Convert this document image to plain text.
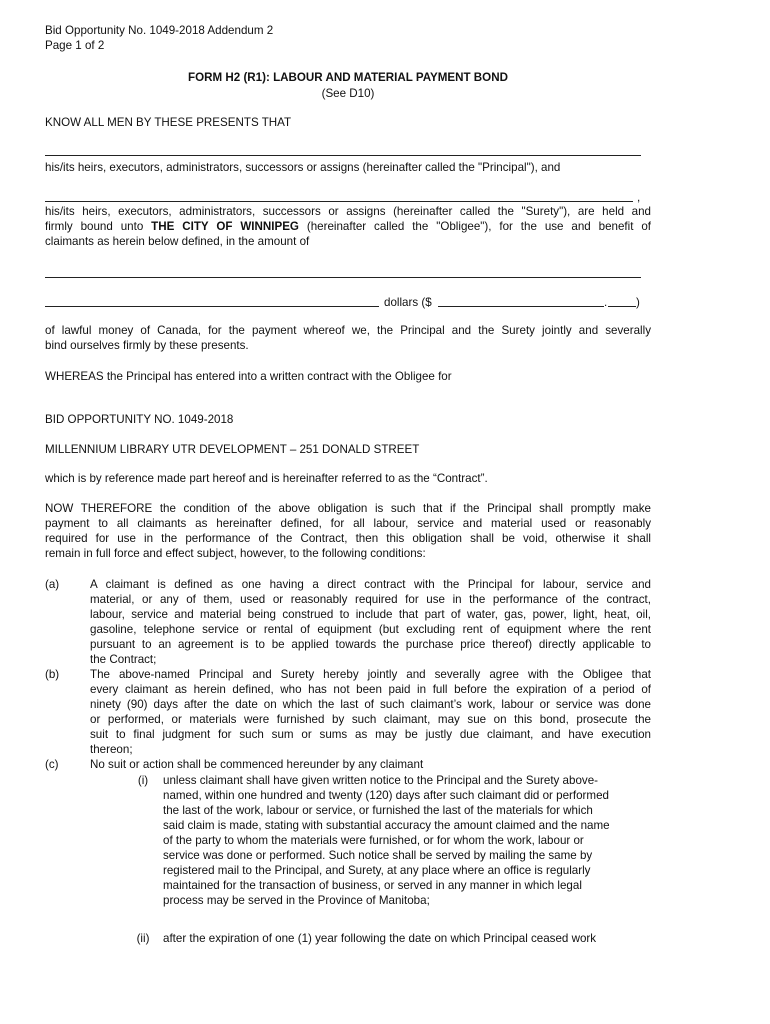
Bid Opportunity No. 1049-2018 Addendum 2
Page 1 of 2
FORM H2 (R1): LABOUR AND MATERIAL PAYMENT BOND
(See D10)
KNOW ALL MEN BY THESE PRESENTS THAT
his/its heirs, executors, administrators, successors or assigns (hereinafter called the "Principal"), and
,
his/its heirs, executors, administrators, successors or assigns (hereinafter called the "Surety"), are held and
firmly bound unto THE CITY OF WINNIPEG (hereinafter called the "Obligee"), for the use and benefit of
claimants as herein below defined, in the amount of
dollars ($	. )
of lawful money of Canada, for the payment whereof we, the Principal and the Surety jointly and severally
bind ourselves firmly by these presents.
WHEREAS the Principal has entered into a written contract with the Obligee for
BID OPPORTUNITY NO. 1049-2018
MILLENNIUM LIBRARY UTR DEVELOPMENT – 251 DONALD STREET
which is by reference made part hereof and is hereinafter referred to as the “Contract”.
NOW THEREFORE the condition of the above obligation is such that if the Principal shall promptly make
payment to all claimants as hereinafter defined, for all labour, service and material used or reasonably
required for use in the performance of the Contract, then this obligation shall be void, otherwise it shall
remain in full force and effect subject, however, to the following conditions:
(a)	A claimant is defined as one having a direct contract with the Principal for labour, service and
material, or any of them, used or reasonably required for use in the performance of the contract,
labour, service and material being construed to include that part of water, gas, power, light, heat, oil,
gasoline, telephone service or rental of equipment (but excluding rent of equipment where the rent
pursuant to an agreement is to be applied towards the purchase price thereof) directly applicable to
the Contract;
(b)	The above-named Principal and Surety hereby jointly and severally agree with the Obligee that
every claimant as herein defined, who has not been paid in full before the expiration of a period of
ninety (90) days after the date on which the last of such claimant’s work, labour or service was done
or performed, or materials were furnished by such claimant, may sue on this bond, prosecute the
suit to final judgment for such sum or sums as may be justly due claimant, and have execution
thereon;
(c)	No suit or action shall be commenced hereunder by any claimant
(i)	unless claimant shall have given written notice to the Principal and the Surety above-
named, within one hundred and twenty (120) days after such claimant did or performed
the last of the work, labour or service, or furnished the last of the materials for which
said claim is made, stating with substantial accuracy the amount claimed and the name
of the party to whom the materials were furnished, or for whom the work, labour or
service was done or performed. Such notice shall be served by mailing the same by
registered mail to the Principal, and Surety, at any place where an office is regularly
maintained for the transaction of business, or served in any manner in which legal
process may be served in the Province of Manitoba;
(ii)	after the expiration of one (1) year following the date on which Principal ceased work
